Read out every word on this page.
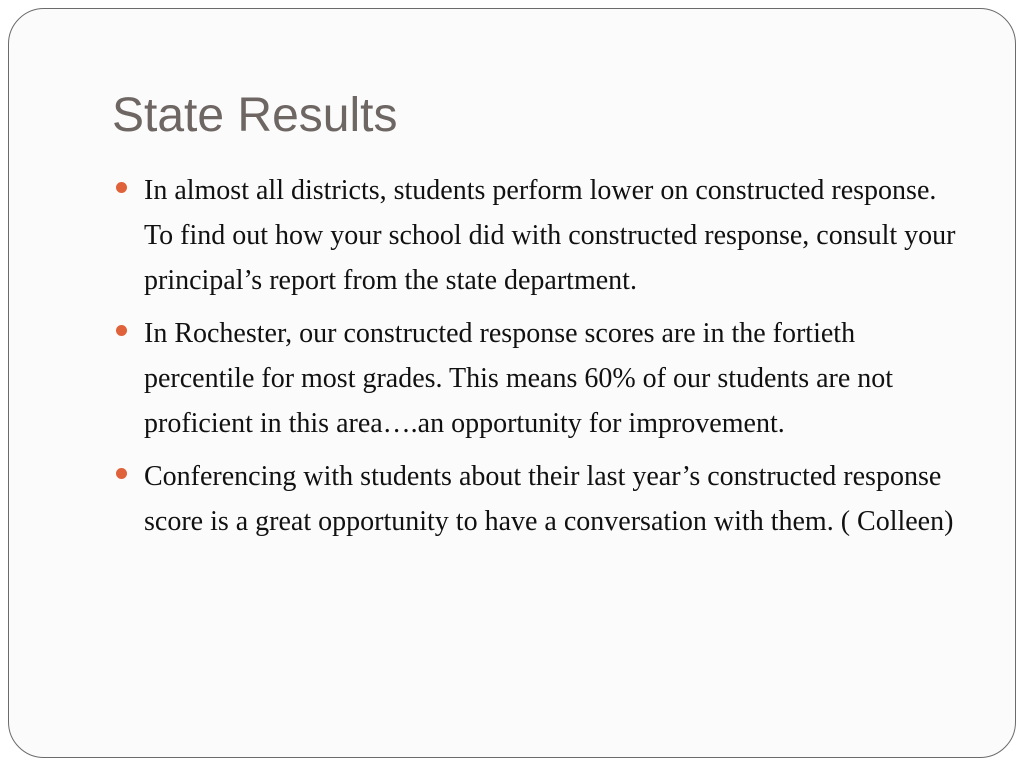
State Results
In almost all districts, students perform lower on constructed response. To find out how your school did with constructed response, consult your principal’s report from the state department.
In Rochester, our constructed response scores are in the fortieth percentile for most grades. This means 60% of our students are not proficient in this area….an opportunity for improvement.
Conferencing with students about their last year’s constructed response score is a great opportunity to have a conversation with them. ( Colleen)
